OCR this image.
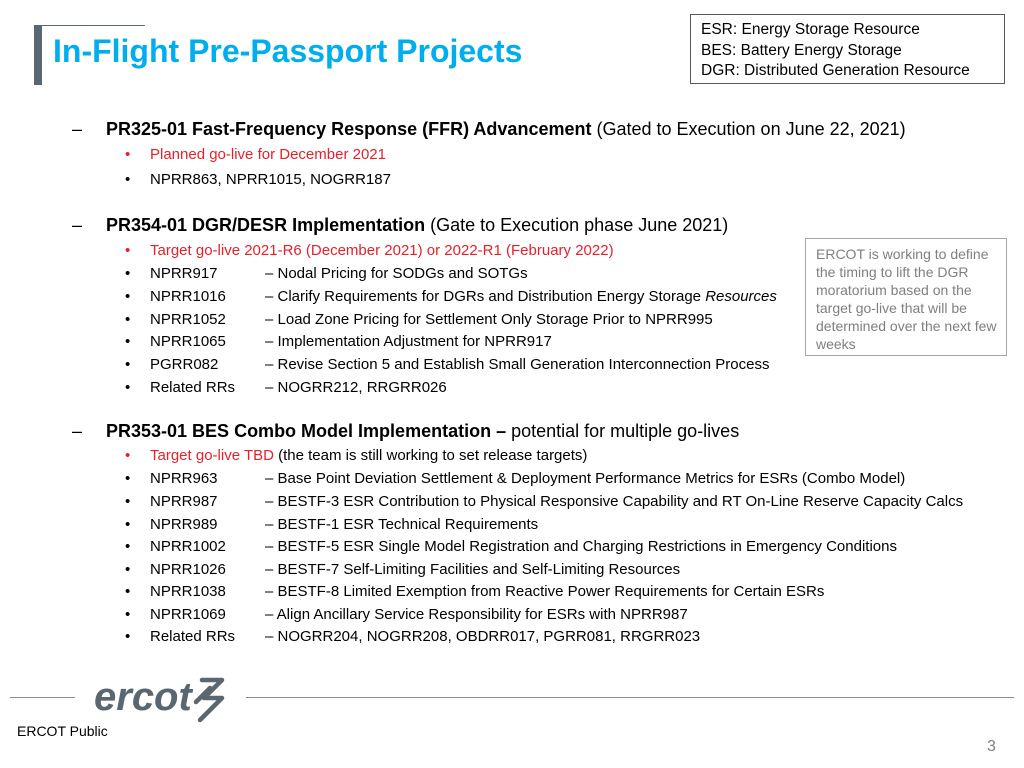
In-Flight Pre-Passport Projects
ESR: Energy Storage Resource
BES: Battery Energy Storage
DGR: Distributed Generation Resource
– PR325-01 Fast-Frequency Response (FFR) Advancement (Gated to Execution on June 22, 2021)
• Planned go-live for December 2021
• NPRR863, NPRR1015, NOGRR187
– PR354-01 DGR/DESR Implementation (Gate to Execution phase June 2021)
• Target go-live 2021-R6 (December 2021) or 2022-R1 (February 2022)
• NPRR917	– Nodal Pricing for SODGs and SOTGs
• NPRR1016	– Clarify Requirements for DGRs and Distribution Energy Storage Resources
• NPRR1052	– Load Zone Pricing for Settlement Only Storage Prior to NPRR995
• NPRR1065	– Implementation Adjustment for NPRR917
• PGRR082	– Revise Section 5 and Establish Small Generation Interconnection Process
• Related RRs – NOGRR212, RRGRR026
ERCOT is working to define the timing to lift the DGR moratorium based on the target go-live that will be determined over the next few weeks
– PR353-01 BES Combo Model Implementation – potential for multiple go-lives
• Target go-live TBD (the team is still working to set release targets)
• NPRR963	– Base Point Deviation Settlement & Deployment Performance Metrics for ESRs (Combo Model)
• NPRR987	– BESTF-3 ESR Contribution to Physical Responsive Capability and RT On-Line Reserve Capacity Calcs
• NPRR989	– BESTF-1 ESR Technical Requirements
• NPRR1002	– BESTF-5 ESR Single Model Registration and Charging Restrictions in Emergency Conditions
• NPRR1026	– BESTF-7 Self-Limiting Facilities and Self-Limiting Resources
• NPRR1038	– BESTF-8 Limited Exemption from Reactive Power Requirements for Certain ESRs
• NPRR1069	– Align Ancillary Service Responsibility for ESRs with NPRR987
• Related RRs – NOGRR204, NOGRR208, OBDRR017, PGRR081, RRGRR023
ercot
ERCOT Public
3
